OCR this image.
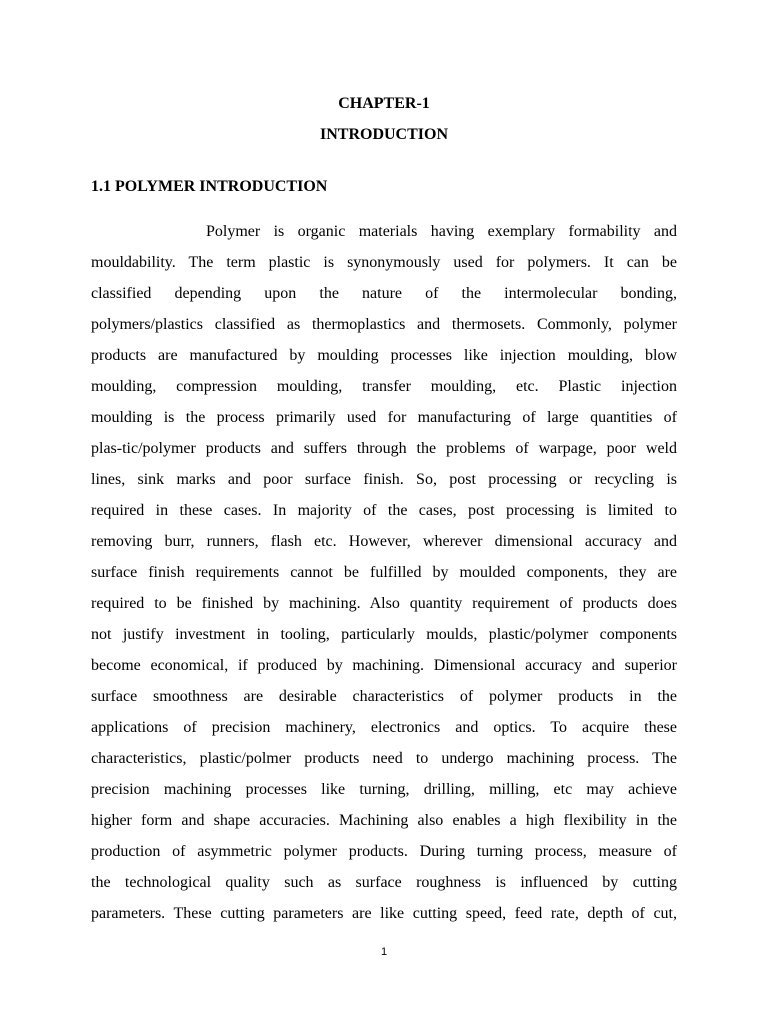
CHAPTER-1
INTRODUCTION
1.1 POLYMER INTRODUCTION

Polymer is organic materials having exemplary formability and
mouldability. The term plastic is synonymously used for polymers. It can be
classified depending upon the nature of the intermolecular bonding,
polymers/plastics classified as thermoplastics and thermosets. Commonly, polymer
products are manufactured by moulding processes like injection moulding, blow
moulding, compression moulding, transfer moulding, etc. Plastic injection
moulding is the process primarily used for manufacturing of large quantities of
plas-tic/polymer products and suffers through the problems of warpage, poor weld
lines, sink marks and poor surface finish. So, post processing or recycling is
required in these cases. In majority of the cases, post processing is limited to
removing burr, runners, flash etc. However, wherever dimensional accuracy and
surface finish requirements cannot be fulfilled by moulded components, they are
required to be finished by machining. Also quantity requirement of products does
not justify investment in tooling, particularly moulds, plastic/polymer components
become economical, if produced by machining. Dimensional accuracy and superior
surface smoothness are desirable characteristics of polymer products in the
applications of precision machinery, electronics and optics. To acquire these
characteristics, plastic/polmer products need to undergo machining process. The
precision machining processes like turning, drilling, milling, etc may achieve
higher form and shape accuracies. Machining also enables a high flexibility in the
production of asymmetric polymer products. During turning process, measure of
the technological quality such as surface roughness is influenced by cutting
parameters. These cutting parameters are like cutting speed, feed rate, depth of cut,

1
